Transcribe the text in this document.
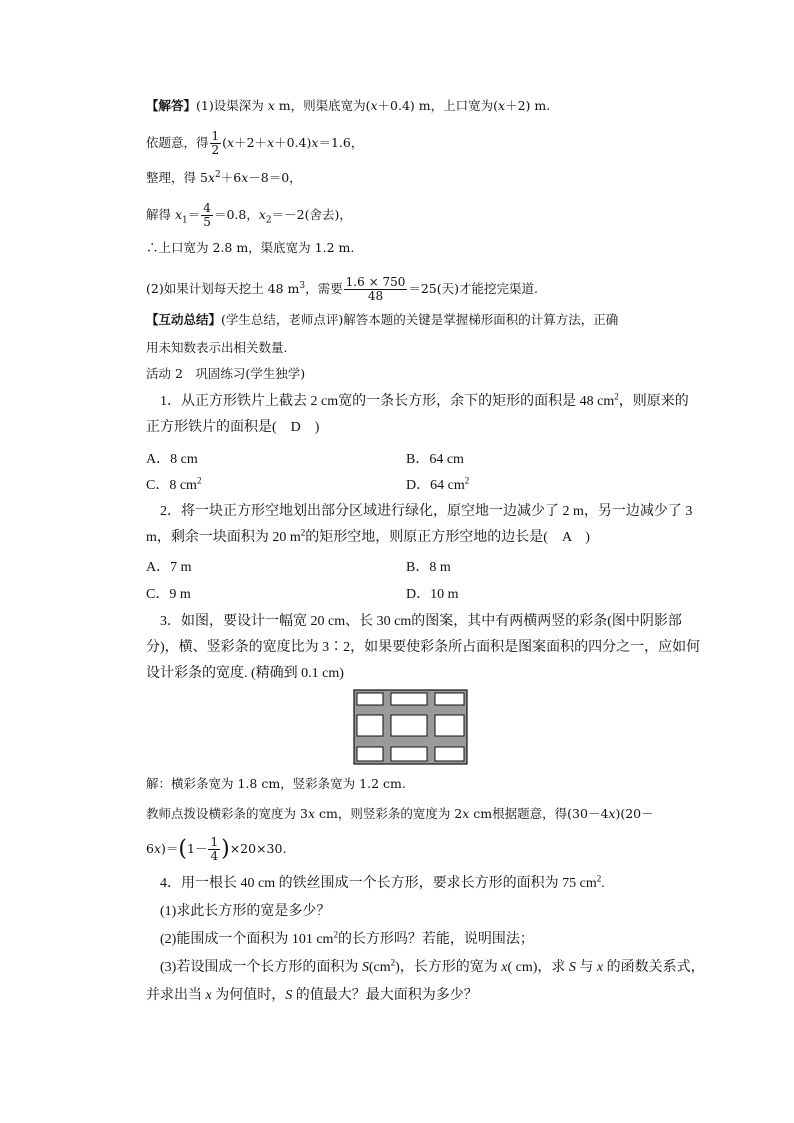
【解答】(1)设渠深为 x m，则渠底宽为(x＋0.4) m，上口宽为(x＋2) m.
依题意，得 $\frac{1}{2} (x+2+x+0.4)x=1.6$，
整理，得 $5x^2+6x-8=0$，
解得 $x_1= \frac{4}{5} =0.8$，$x_2=-2$(舍去)，
∴上口宽为 2.8 m，渠底宽为 1.2 m.
(2)如果计划每天挖土 48 $m^3$，需要 $\frac{1.6 \times 750}{48} =25$(天)才能挖完渠道.
【互动总结】(学生总结，老师点评)解答本题的关键是掌握梯形面积的计算方法，正确
用未知数表示出相关数量.
活动 2　巩固练习(学生独学)
1．从正方形铁片上截去 2 cm宽的一条长方形，余下的矩形的面积是 48 $cm^2$，则原来的
正方形铁片的面积是(　D　)
A．8 cm	B．64 cm
C．8 $cm^2$	D．64 $cm^2$
2．将一块正方形空地划出部分区域进行绿化，原空地一边减少了 2 m，另一边减少了 3
m，剩余一块面积为 20 $m^2$的矩形空地，则原正方形空地的边长是(　A　)
A．7 m	B．8 m
C．9 m	D．10 m
3．如图，要设计一幅宽 20 cm、长 30 cm的图案，其中有两横两竖的彩条(图中阴影部
分)，横、竖彩条的宽度比为 3∶2，如果要使彩条所占面积是图案面积的四分之一，应如何
设计彩条的宽度. (精确到 0.1 cm)
解：横彩条宽为 1.8 cm，竖彩条宽为 1.2 cm.
教师点拨设横彩条的宽度为 3x cm，则竖彩条的宽度为 2x cm根据题意，得(30－4x)(20－
$6x)=(1- \frac{1}{4} )\times 20\times 30$.
4．用一根长 40 cm 的铁丝围成一个长方形，要求长方形的面积为 75 $cm^2$.
(1)求此长方形的宽是多少？
(2)能围成一个面积为 101 $cm^2$的长方形吗？若能，说明围法；
(3)若设围成一个长方形的面积为 $S(cm^2)$，长方形的宽为 x( cm)，求 S 与 x 的函数关系式，
并求出当 x 为何值时，S 的值最大？最大面积为多少？
